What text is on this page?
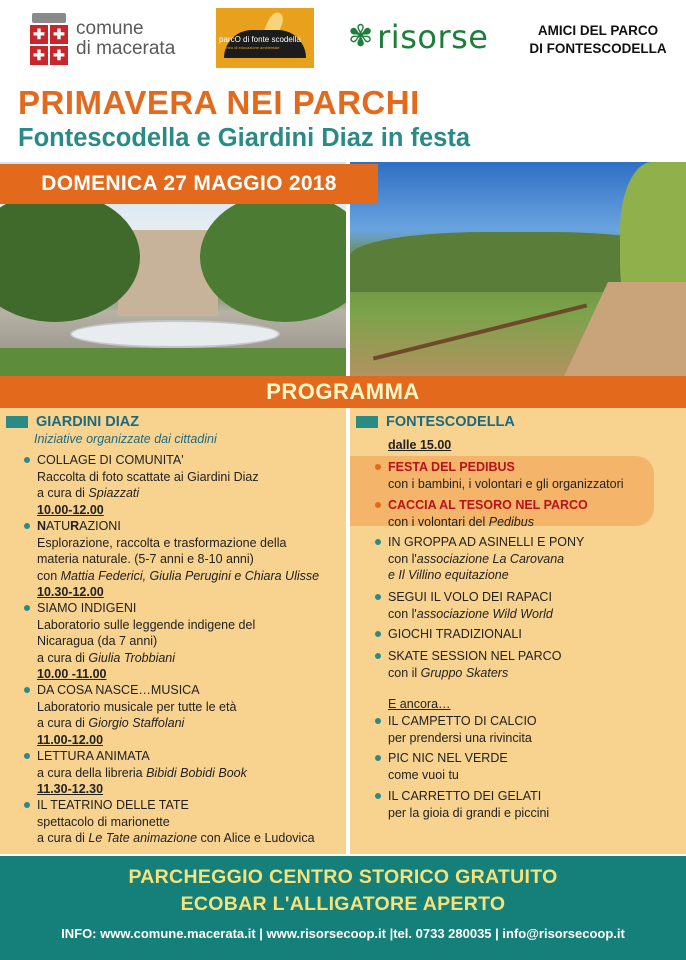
✚ ✚
✚ ✚
comune
di macerata	parcO di fonte scodella
centro di educazione ambientale ✾ risorse	AMICI DEL PARCO
DI FONTESCODELLA
PRIMAVERA NEI PARCHI
Fontescodella e Giardini Diaz in festa
DOMENICA 27 MAGGIO 2018
PROGRAMMA
GIARDINI DIAZ
Iniziative organizzate dai cittadini
COLLAGE DI COMUNITA'
Raccolta di foto scattate ai Giardini Diaz
a cura di Spiazzati
10.00-12.00
NATURAZIONI
Esplorazione, raccolta e trasformazione della
materia naturale. (5-7 anni e 8-10 anni)
con Mattia Federici, Giulia Perugini e Chiara Ulisse
10.30-12.00
SIAMO INDIGENI
Laboratorio sulle leggende indigene del
Nicaragua (da 7 anni)
a cura di Giulia Trobbiani
10.00 -11.00
DA COSA NASCE…MUSICA
Laboratorio musicale per tutte le età
a cura di Giorgio Staffolani
11.00-12.00
LETTURA ANIMATA
a cura della libreria Bibidi Bobidi Book
11.30-12.30
IL TEATRINO DELLE TATE
spettacolo di marionette
a cura di Le Tate animazione con Alice e Ludovica
FONTESCODELLA
dalle 15.00
FESTA DEL PEDIBUS
con i bambini, i volontari e gli organizzatori
CACCIA AL TESORO NEL PARCO
con i volontari del Pedibus
IN GROPPA AD ASINELLI E PONY
con l'associazione La Carovana
e Il Villino equitazione
SEGUI IL VOLO DEI RAPACI
con l'associazione Wild World
GIOCHI TRADIZIONALI
SKATE SESSION NEL PARCO
con il Gruppo Skaters
E ancora…
IL CAMPETTO DI CALCIO
per prendersi una rivincita
PIC NIC NEL VERDE
come vuoi tu
IL CARRETTO DEI GELATI
per la gioia di grandi e piccini
PARCHEGGIO CENTRO STORICO GRATUITO
ECOBAR L'ALLIGATORE APERTO
INFO: www.comune.macerata.it | www.risorsecoop.it |tel. 0733 280035 | info@risorsecoop.it
